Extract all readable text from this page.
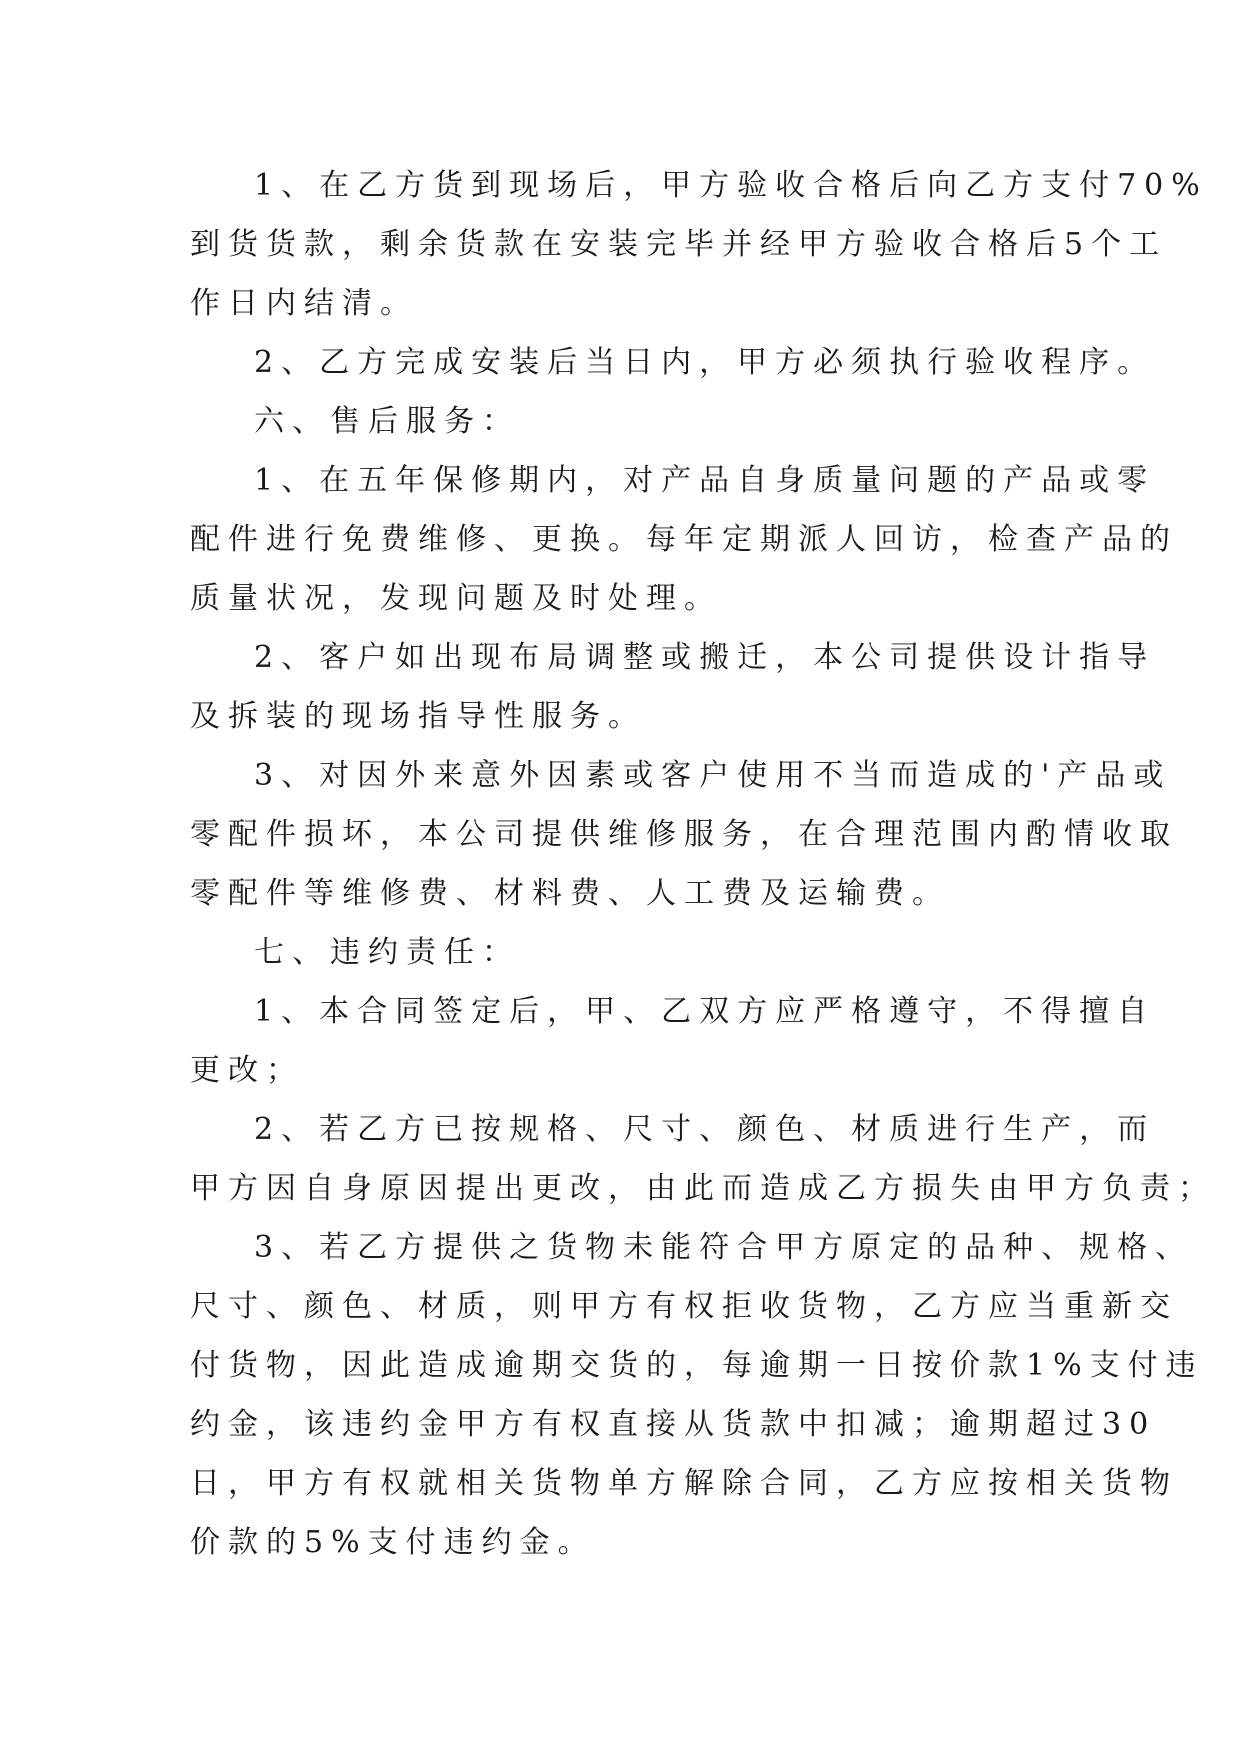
1、在乙方货到现场后，甲方验收合格后向乙方支付70%
到货货款，剩余货款在安装完毕并经甲方验收合格后5个工
作日内结清。

2、乙方完成安装后当日内，甲方必须执行验收程序。

六、售后服务：

1、在五年保修期内，对产品自身质量问题的产品或零
配件进行免费维修、更换。每年定期派人回访，检查产品的
质量状况，发现问题及时处理。

2、客户如出现布局调整或搬迁，本公司提供设计指导
及拆装的现场指导性服务。

3、对因外来意外因素或客户使用不当而造成的'产品或
零配件损坏，本公司提供维修服务，在合理范围内酌情收取
零配件等维修费、材料费、人工费及运输费。

七、违约责任：

1、本合同签定后，甲、乙双方应严格遵守，不得擅自
更改；

2、若乙方已按规格、尺寸、颜色、材质进行生产，而
甲方因自身原因提出更改，由此而造成乙方损失由甲方负责；

3、若乙方提供之货物未能符合甲方原定的品种、规格、
尺寸、颜色、材质，则甲方有权拒收货物，乙方应当重新交
付货物，因此造成逾期交货的，每逾期一日按价款1%支付违
约金，该违约金甲方有权直接从货款中扣减；逾期超过30
日，甲方有权就相关货物单方解除合同，乙方应按相关货物
价款的5%支付违约金。
